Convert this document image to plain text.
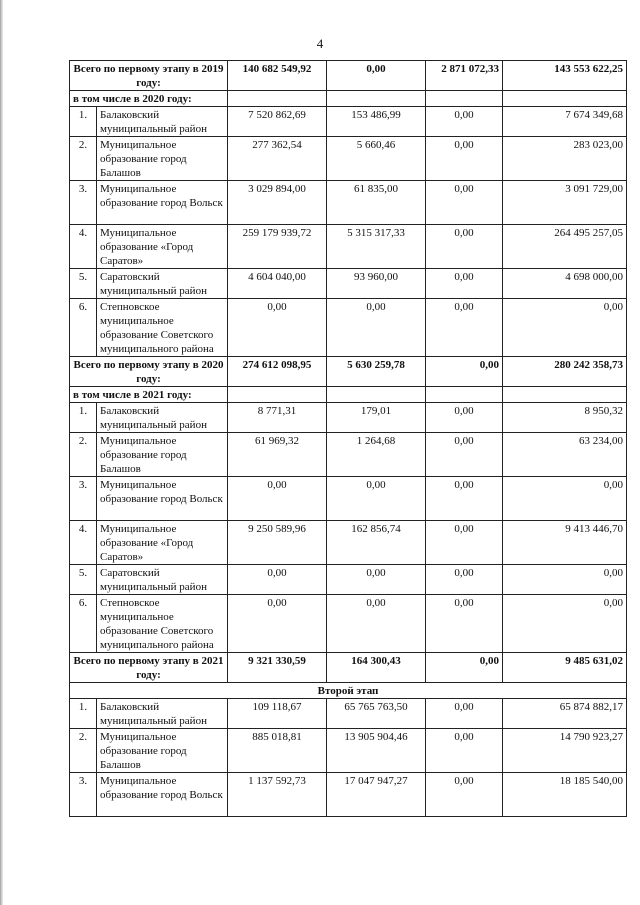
4
Всего по первому этапу в 2019 году:		140 682 549,92	0,00	2 871 072,33	143 553 622,25
в том числе в 2020 году:					
1.	Балаковский муниципальный район	7 520 862,69	153 486,99	0,00	7 674 349,68
2.	Муниципальное образование город Балашов	277 362,54	5 660,46	0,00	283 023,00
3.	Муниципальное образование город Вольск	3 029 894,00	61 835,00	0,00	3 091 729,00
4.	Муниципальное образование «Город Саратов»	259 179 939,72	5 315 317,33	0,00	264 495 257,05
5.	Саратовский муниципальный район	4 604 040,00	93 960,00	0,00	4 698 000,00
6.	Степновское муниципальное образование Советского муниципального района	0,00	0,00	0,00	0,00
Всего по первому этапу в 2020 году:		274 612 098,95	5 630 259,78	0,00	280 242 358,73
в том числе в 2021 году:					
1.	Балаковский муниципальный район	8 771,31	179,01	0,00	8 950,32
2.	Муниципальное образование город Балашов	61 969,32	1 264,68	0,00	63 234,00
3.	Муниципальное образование город Вольск	0,00	0,00	0,00	0,00
4.	Муниципальное образование «Город Саратов»	9 250 589,96	162 856,74	0,00	9 413 446,70
5.	Саратовский муниципальный район	0,00	0,00	0,00	0,00
6.	Степновское муниципальное образование Советского муниципального района	0,00	0,00	0,00	0,00
Всего по первому этапу в 2021 году:		9 321 330,59	164 300,43	0,00	9 485 631,02
Второй этап					
1.	Балаковский муниципальный район	109 118,67	65 765 763,50	0,00	65 874 882,17
2.	Муниципальное образование город Балашов	885 018,81	13 905 904,46	0,00	14 790 923,27
3.	Муниципальное образование город Вольск	1 137 592,73	17 047 947,27	0,00	18 185 540,00
